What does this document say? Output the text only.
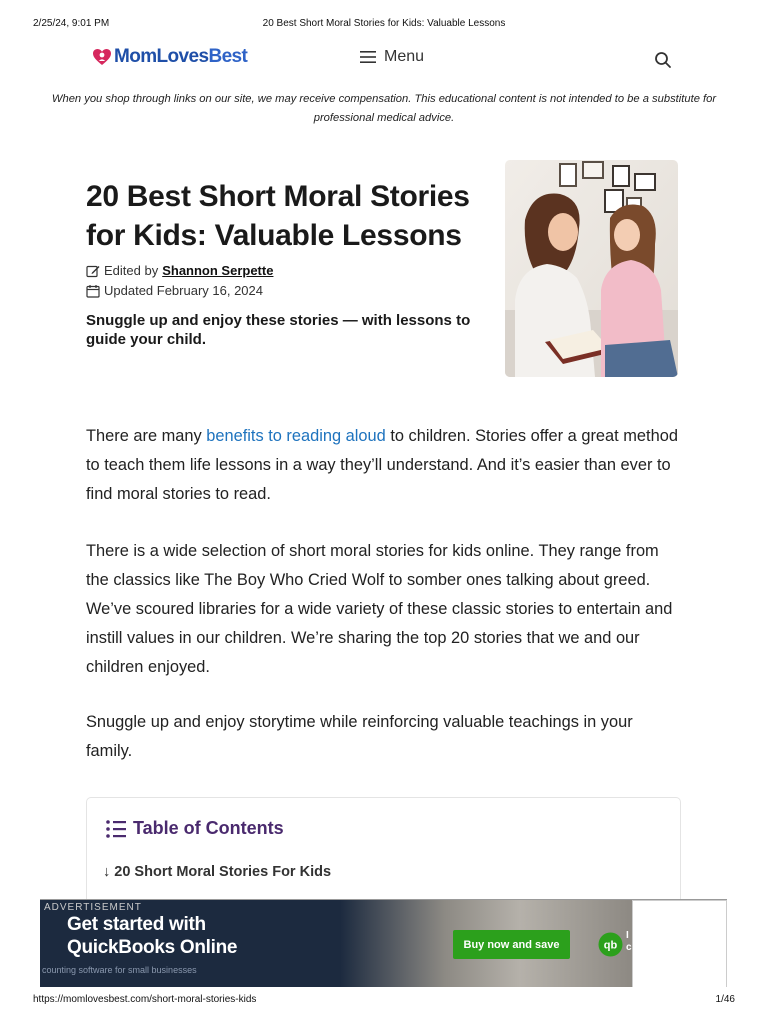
2/25/24, 9:01 PM	20 Best Short Moral Stories for Kids: Valuable Lessons
MomLovesBest	Menu

When you shop through links on our site, we may receive compensation. This educational content is not intended to be a substitute for professional medical advice.

20 Best Short Moral Stories for Kids: Valuable Lessons
Edited by Shannon Serpette
Updated February 16, 2024

Snuggle up and enjoy these stories — with lessons to guide your child.

There are many benefits to reading aloud to children. Stories offer a great method to teach them life lessons in a way they’ll understand. And it’s easier than ever to find moral stories to read.

There is a wide selection of short moral stories for kids online. They range from the classics like The Boy Who Cried Wolf to somber ones talking about greed. We’ve scoured libraries for a wide variety of these classic stories to entertain and instill values in our children. We’re sharing the top 20 stories that we and our children enjoyed.

Snuggle up and enjoy storytime while reinforcing valuable teachings in your family.

Table of Contents
↓ 20 Short Moral Stories For Kids
ADVERTISEMENT
Get started with
QuickBooks Online
counting software for small businesses
Buy now and save	qb
I
c
https://momlovesbest.com/short-moral-stories-kids	1/46
